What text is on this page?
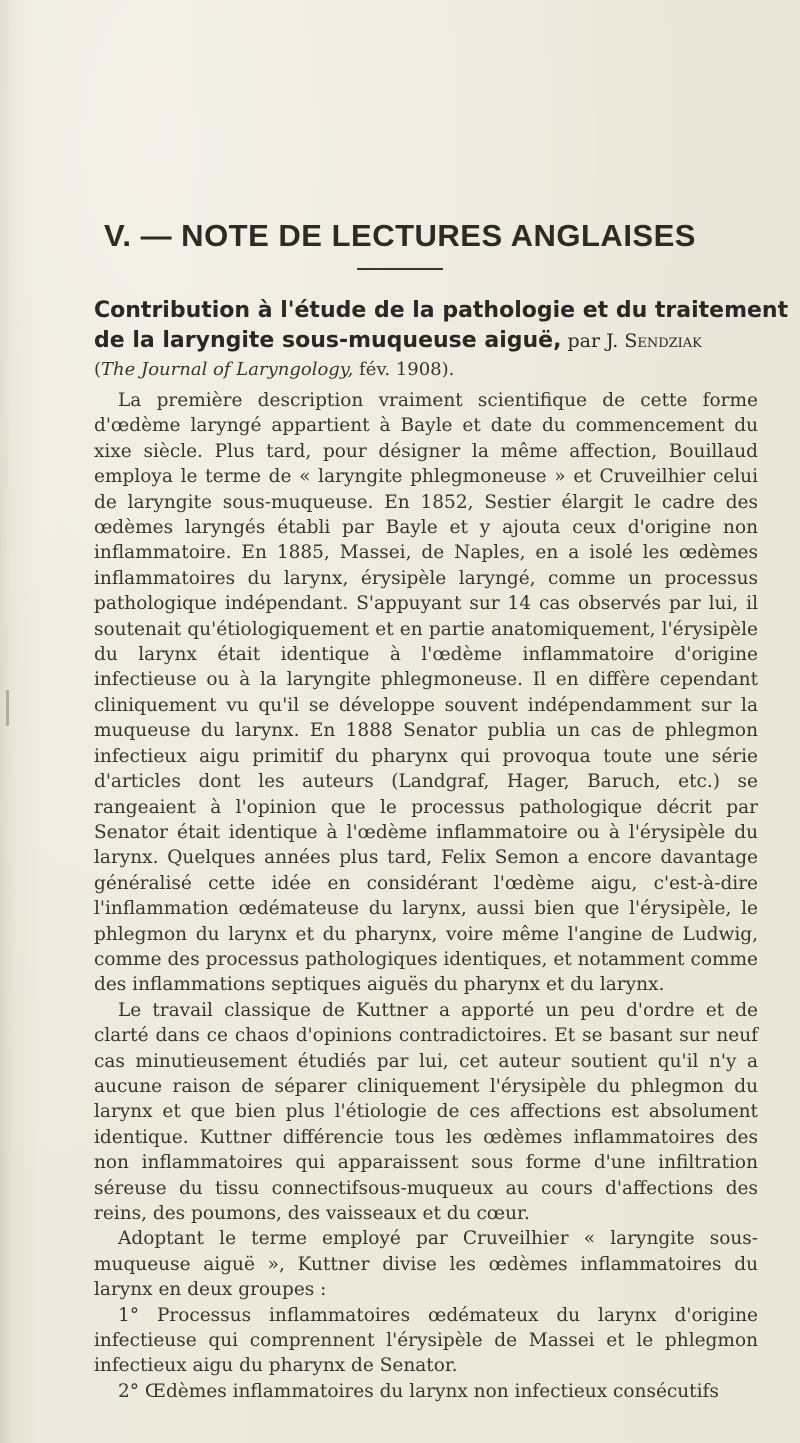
V. — NOTE DE LECTURES ANGLAISES
Contribution à l'étude de la pathologie et du traitement
de la laryngite sous-muqueuse aiguë, par J. Sendziak
(The Journal of Laryngology, fév. 1908).

La première description vraiment scientifique de cette forme d'œdème laryngé appartient à Bayle et date du commencement du xixe siècle. Plus tard, pour désigner la même affection, Bouillaud employa le terme de « laryngite phlegmoneuse » et Cruveilhier celui de laryngite sous-muqueuse. En 1852, Sestier élargit le cadre des œdèmes laryngés établi par Bayle et y ajouta ceux d'origine non inflammatoire. En 1885, Massei, de Naples, en a isolé les œdèmes inflammatoires du larynx, érysipèle laryngé, comme un processus pathologique indépendant. S'appuyant sur 14 cas observés par lui, il soutenait qu'étiologiquement et en partie anatomiquement, l'érysipèle du larynx était identique à l'œdème inflammatoire d'origine infectieuse ou à la laryngite phlegmoneuse. Il en diffère cependant cliniquement vu qu'il se développe souvent indépendamment sur la muqueuse du larynx. En 1888 Senator publia un cas de phlegmon infectieux aigu primitif du pharynx qui provoqua toute une série d'articles dont les auteurs (Landgraf, Hager, Baruch, etc.) se rangeaient à l'opinion que le processus pathologique décrit par Senator était identique à l'œdème inflammatoire ou à l'érysipèle du larynx. Quelques années plus tard, Felix Semon a encore davantage généralisé cette idée en considérant l'œdème aigu, c'est-à-dire l'inflammation œdémateuse du larynx, aussi bien que l'érysipèle, le phlegmon du larynx et du pharynx, voire même l'angine de Ludwig, comme des processus pathologiques identiques, et notamment comme des inflammations septiques aiguës du pharynx et du larynx.

Le travail classique de Kuttner a apporté un peu d'ordre et de clarté dans ce chaos d'opinions contradictoires. Et se basant sur neuf cas minutieusement étudiés par lui, cet auteur soutient qu'il n'y a aucune raison de séparer cliniquement l'érysipèle du phlegmon du larynx et que bien plus l'étiologie de ces affections est absolument identique. Kuttner différencie tous les œdèmes inflammatoires des non inflammatoires qui apparaissent sous forme d'une infiltration séreuse du tissu connectifsous-muqueux au cours d'affections des reins, des poumons, des vaisseaux et du cœur.

Adoptant le terme employé par Cruveilhier « laryngite sous-muqueuse aiguë », Kuttner divise les œdèmes inflammatoires du larynx en deux groupes :

1° Processus inflammatoires œdémateux du larynx d'origine infectieuse qui comprennent l'érysipèle de Massei et le phlegmon infectieux aigu du pharynx de Senator.

2° Œdèmes inflammatoires du larynx non infectieux consécutifs
